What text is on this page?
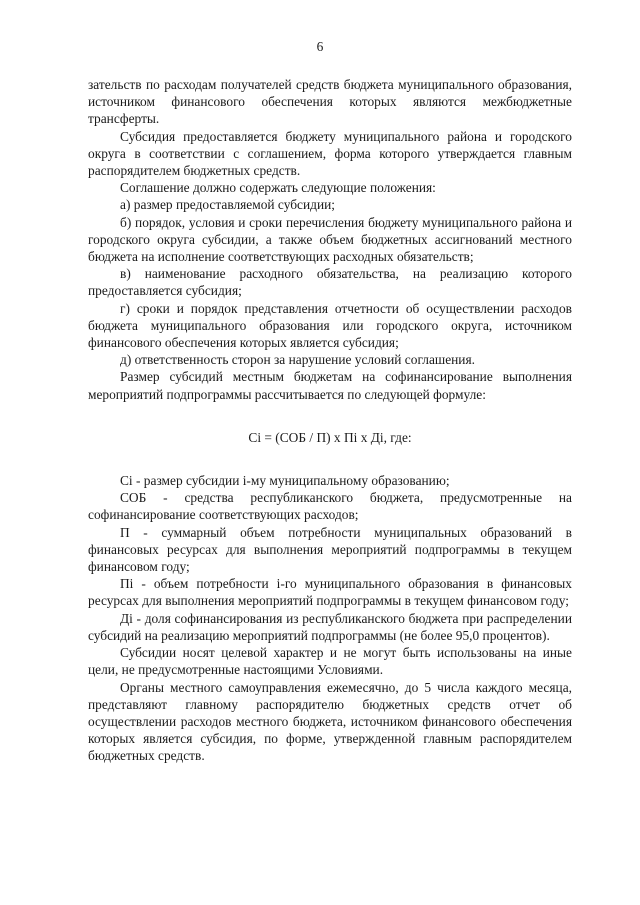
6

зательств по расходам получателей средств бюджета муниципального образования, источником финансового обеспечения которых являются межбюджетные трансферты.

Субсидия предоставляется бюджету муниципального района и городского округа в соответствии с соглашением, форма которого утверждается главным распорядителем бюджетных средств.

Соглашение должно содержать следующие положения:

а) размер предоставляемой субсидии;

б) порядок, условия и сроки перечисления бюджету муниципального района и городского округа субсидии, а также объем бюджетных ассигнований местного бюджета на исполнение соответствующих расходных обязательств;

в) наименование расходного обязательства, на реализацию которого предоставляется субсидия;

г) сроки и порядок представления отчетности об осуществлении расходов бюджета муниципального образования или городского округа, источником финансового обеспечения которых является субсидия;

д) ответственность сторон за нарушение условий соглашения.

Размер субсидий местным бюджетам на софинансирование выполнения мероприятий подпрограммы рассчитывается по следующей формуле:

Сi = (СОБ / П) х Пi х Дi, где:

Сi - размер субсидии i-му муниципальному образованию;

СОБ - средства республиканского бюджета, предусмотренные на софинансирование соответствующих расходов;

П - суммарный объем потребности муниципальных образований в финансовых ресурсах для выполнения мероприятий подпрограммы в текущем финансовом году;

Пi - объем потребности i-го муниципального образования в финансовых ресурсах для выполнения мероприятий подпрограммы в текущем финансовом году;

Дi - доля софинансирования из республиканского бюджета при распределении субсидий на реализацию мероприятий подпрограммы (не более 95,0 процентов).

Субсидии носят целевой характер и не могут быть использованы на иные цели, не предусмотренные настоящими Условиями.

Органы местного самоуправления ежемесячно, до 5 числа каждого месяца, представляют главному распорядителю бюджетных средств отчет об осуществлении расходов местного бюджета, источником финансового обеспечения которых является субсидия, по форме, утвержденной главным распорядителем бюджетных средств.
